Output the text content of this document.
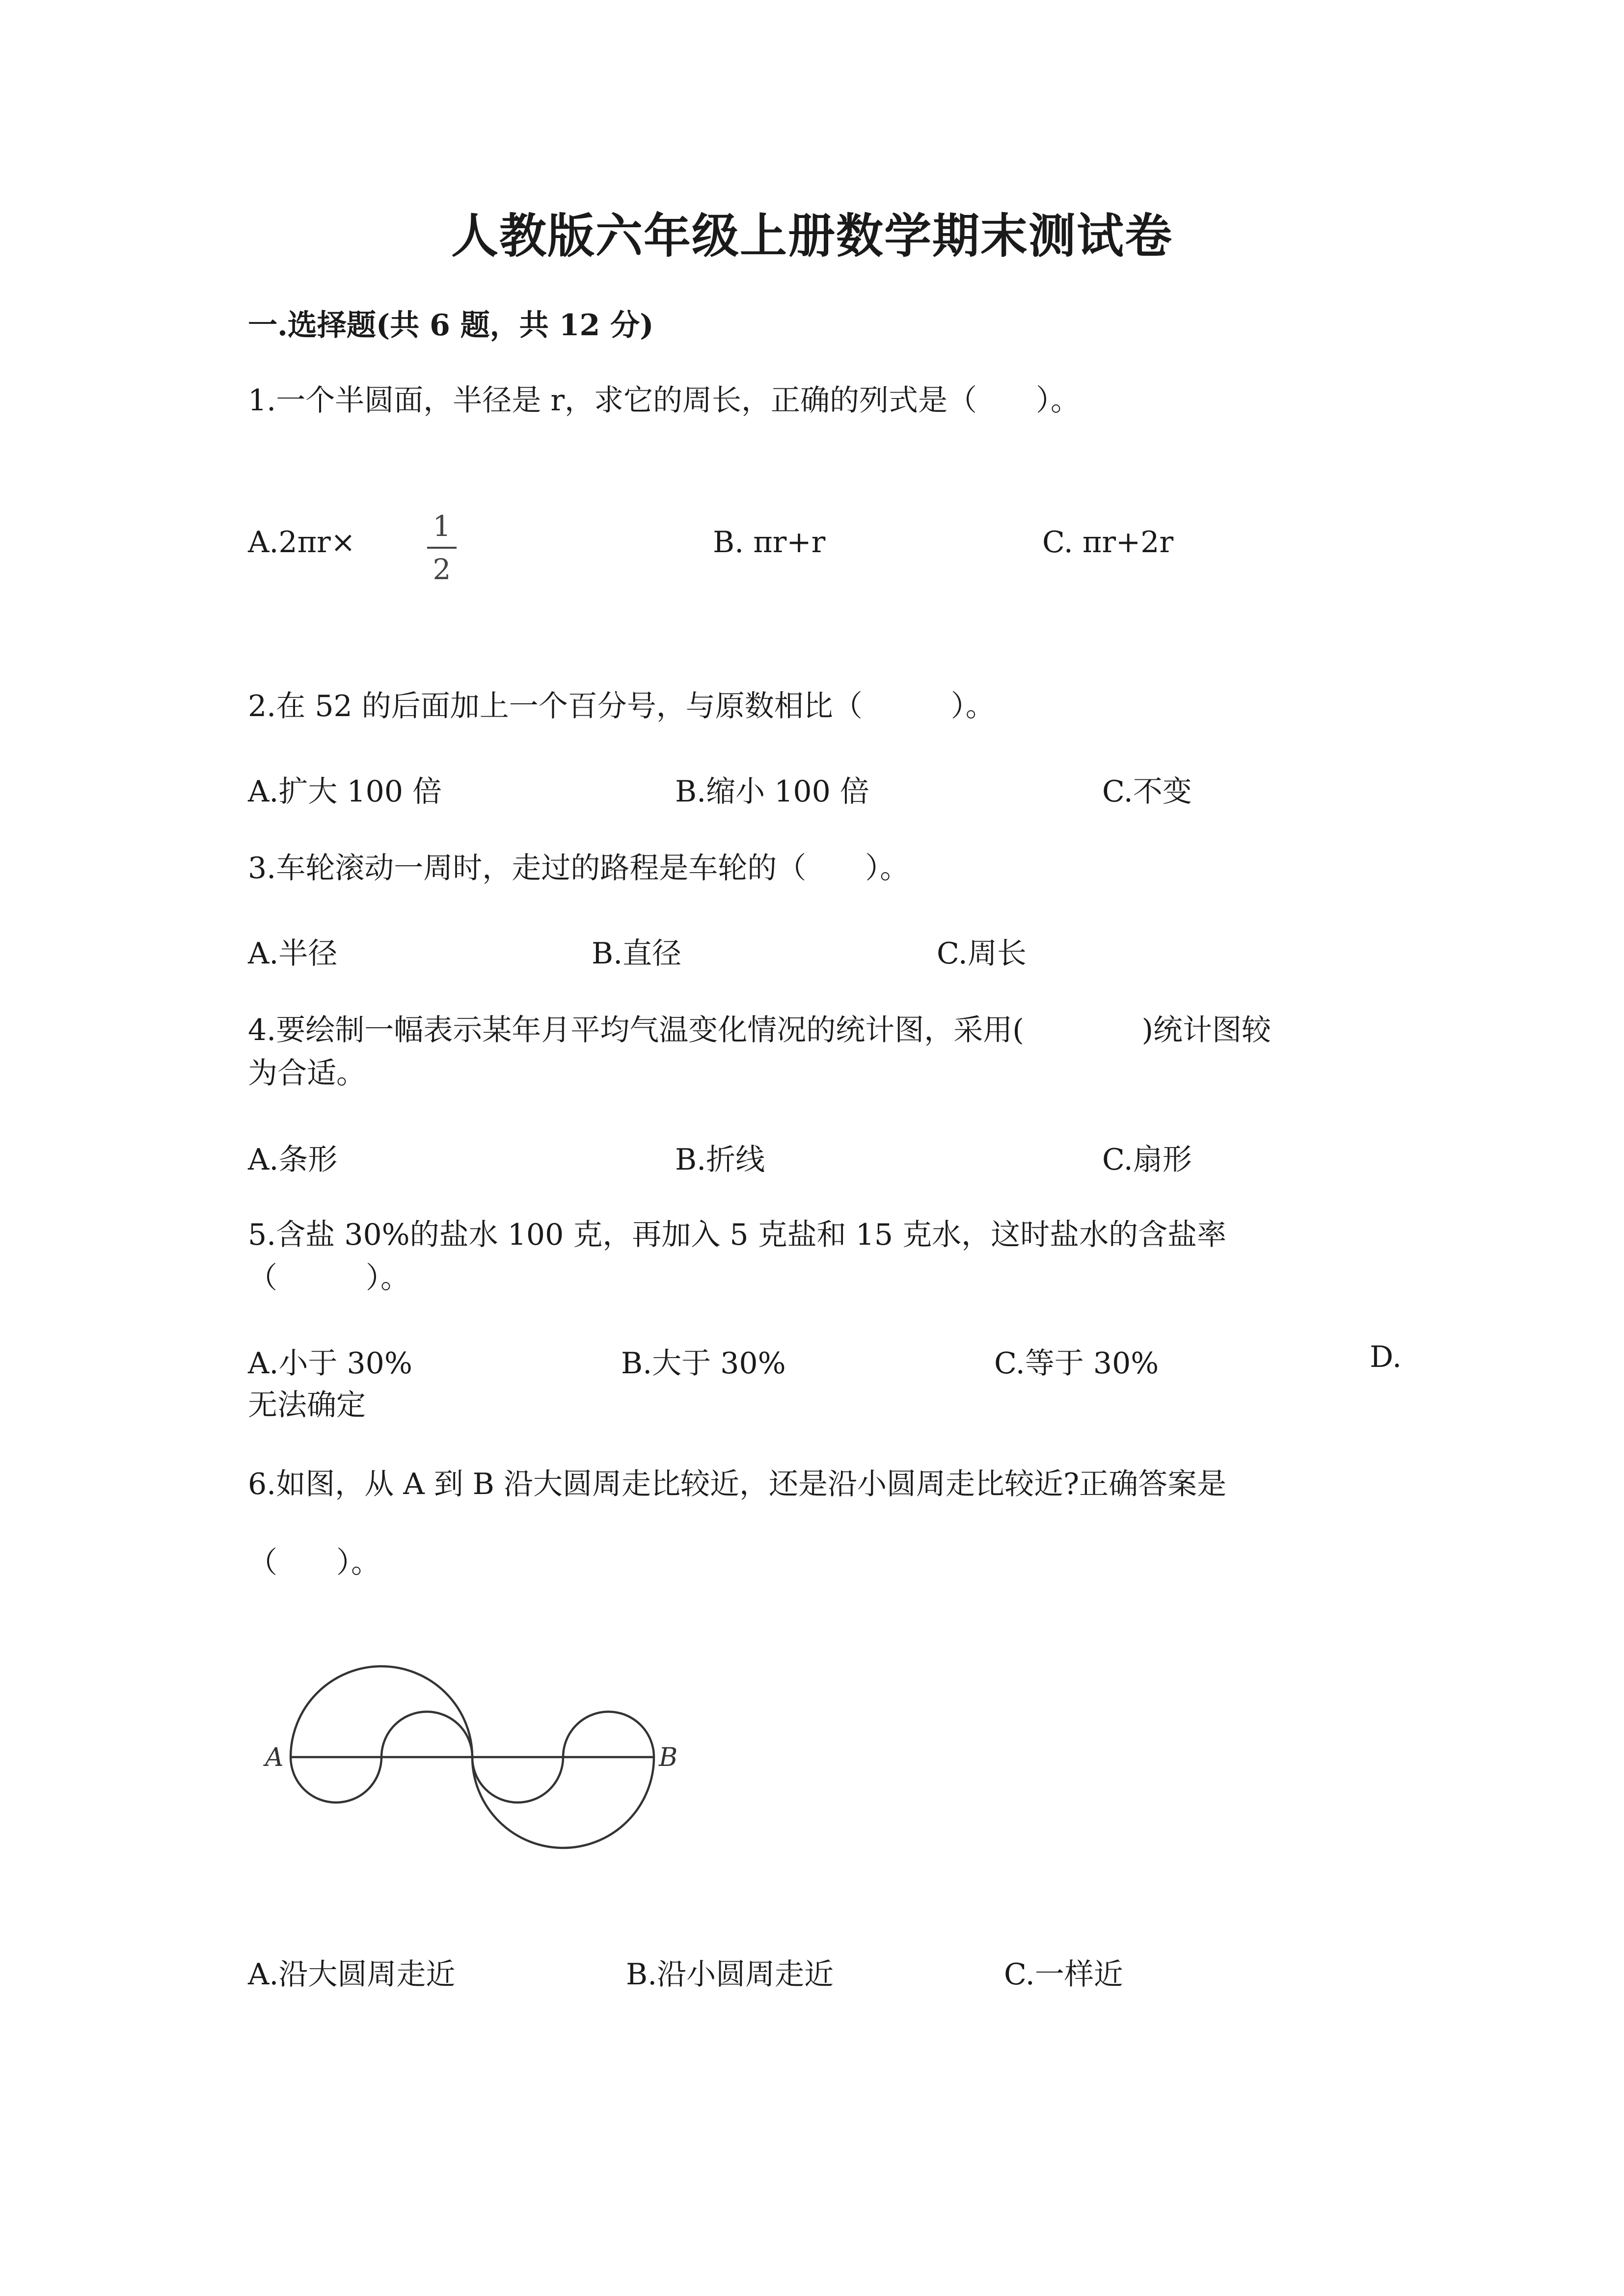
人教版六年级上册数学期末测试卷
一.选择题(共 6 题，共 12 分)
1.一个半圆面，半径是 r，求它的周长，正确的列式是（　　）。
A.2πr×	1
2
B. πr+r	C. πr+2r
2.在 52 的后面加上一个百分号，与原数相比（　　　）。
A.扩大 100 倍	B.缩小 100 倍	C.不变
3.车轮滚动一周时，走过的路程是车轮的（　　）。
A.半径	B.直径	C.周长
4.要绘制一幅表示某年月平均气温变化情况的统计图，采用(　　　　)统计图较
为合适。
A.条形	B.折线	C.扇形
5.含盐 30%的盐水 100 克，再加入 5 克盐和 15 克水，这时盐水的含盐率
（　　　）。
A.小于 30%	B.大于 30%	C.等于 30%	D.
无法确定
6.如图，从 A 到 B 沿大圆周走比较近，还是沿小圆周走比较近?正确答案是
（　　）。
A	B
A.沿大圆周走近	B.沿小圆周走近	C.一样近
